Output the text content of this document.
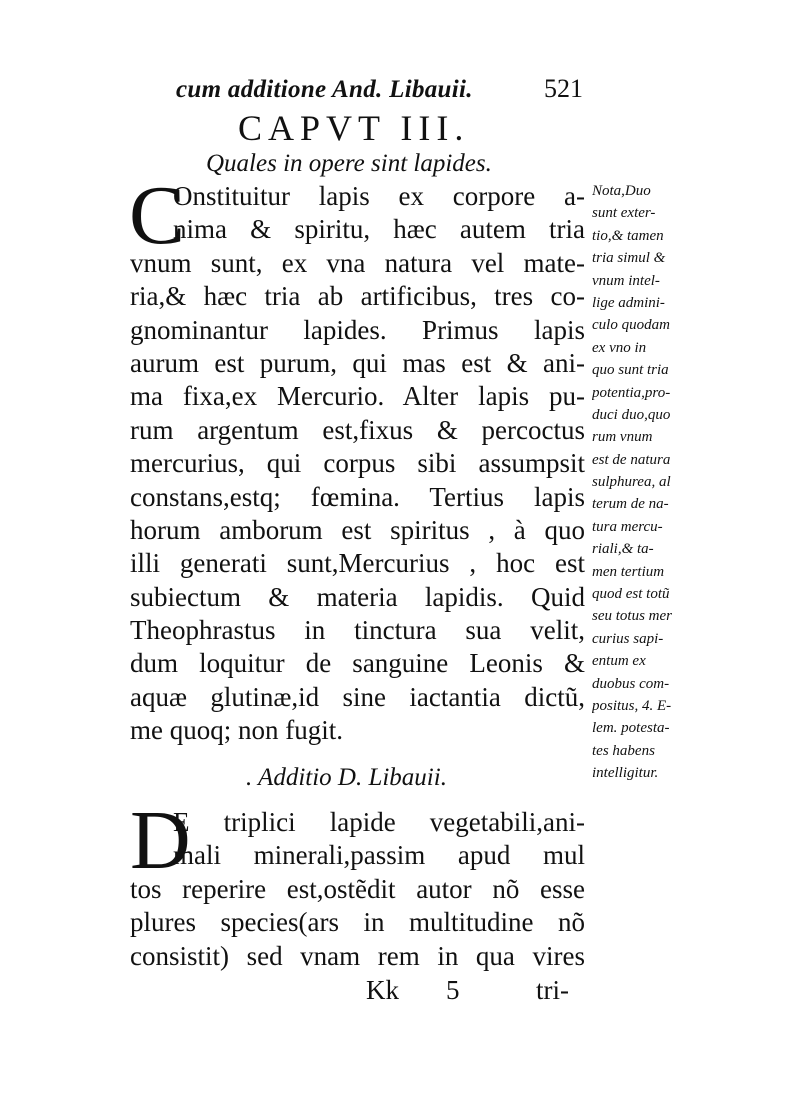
cum additione And. Libauii.	521
CAPVT III.
Quales in opere sint lapides.
C
Onstituitur lapis ex corpore a-
nima & spiritu, hæc autem tria
vnum sunt, ex vna natura vel mate-
ria,& hæc tria ab artificibus, tres co-
gnominantur lapides. Primus lapis
aurum est purum, qui mas est & ani-
ma fixa,ex Mercurio. Alter lapis pu-
rum argentum est,fixus & percoctus
mercurius, qui corpus sibi assumpsit
constans,estq; fœmina. Tertius lapis
horum amborum est spiritus , à quo
illi generati sunt,Mercurius , hoc est
subiectum & materia lapidis. Quid
Theophrastus in tinctura sua velit,
dum loquitur de sanguine Leonis &
aquæ glutinæ,id sine iactantia dictũ,
me quoq; non fugit.
. Additio D. Libauii.
D
E triplici lapide vegetabili,ani-
mali minerali,passim apud mul
tos reperire est,ostẽdit autor nõ esse
plures species(ars in multitudine nõ
consistit) sed vnam rem in qua vires
Nota,Duo
sunt exter-
tio,& tamen
tria simul &
vnum intel-
lige admini-
culo quodam
ex vno in
quo sunt tria
potentia,pro-
duci duo,quo
rum vnum
est de natura
sulphurea, al
terum de na-
tura mercu-
riali,& ta-
men tertium
quod est totũ
seu totus mer
curius sapi-
entum ex
duobus com-
positus, 4. E-
lem. potesta-
tes habens
intelligitur.
Kk 5	tri-
